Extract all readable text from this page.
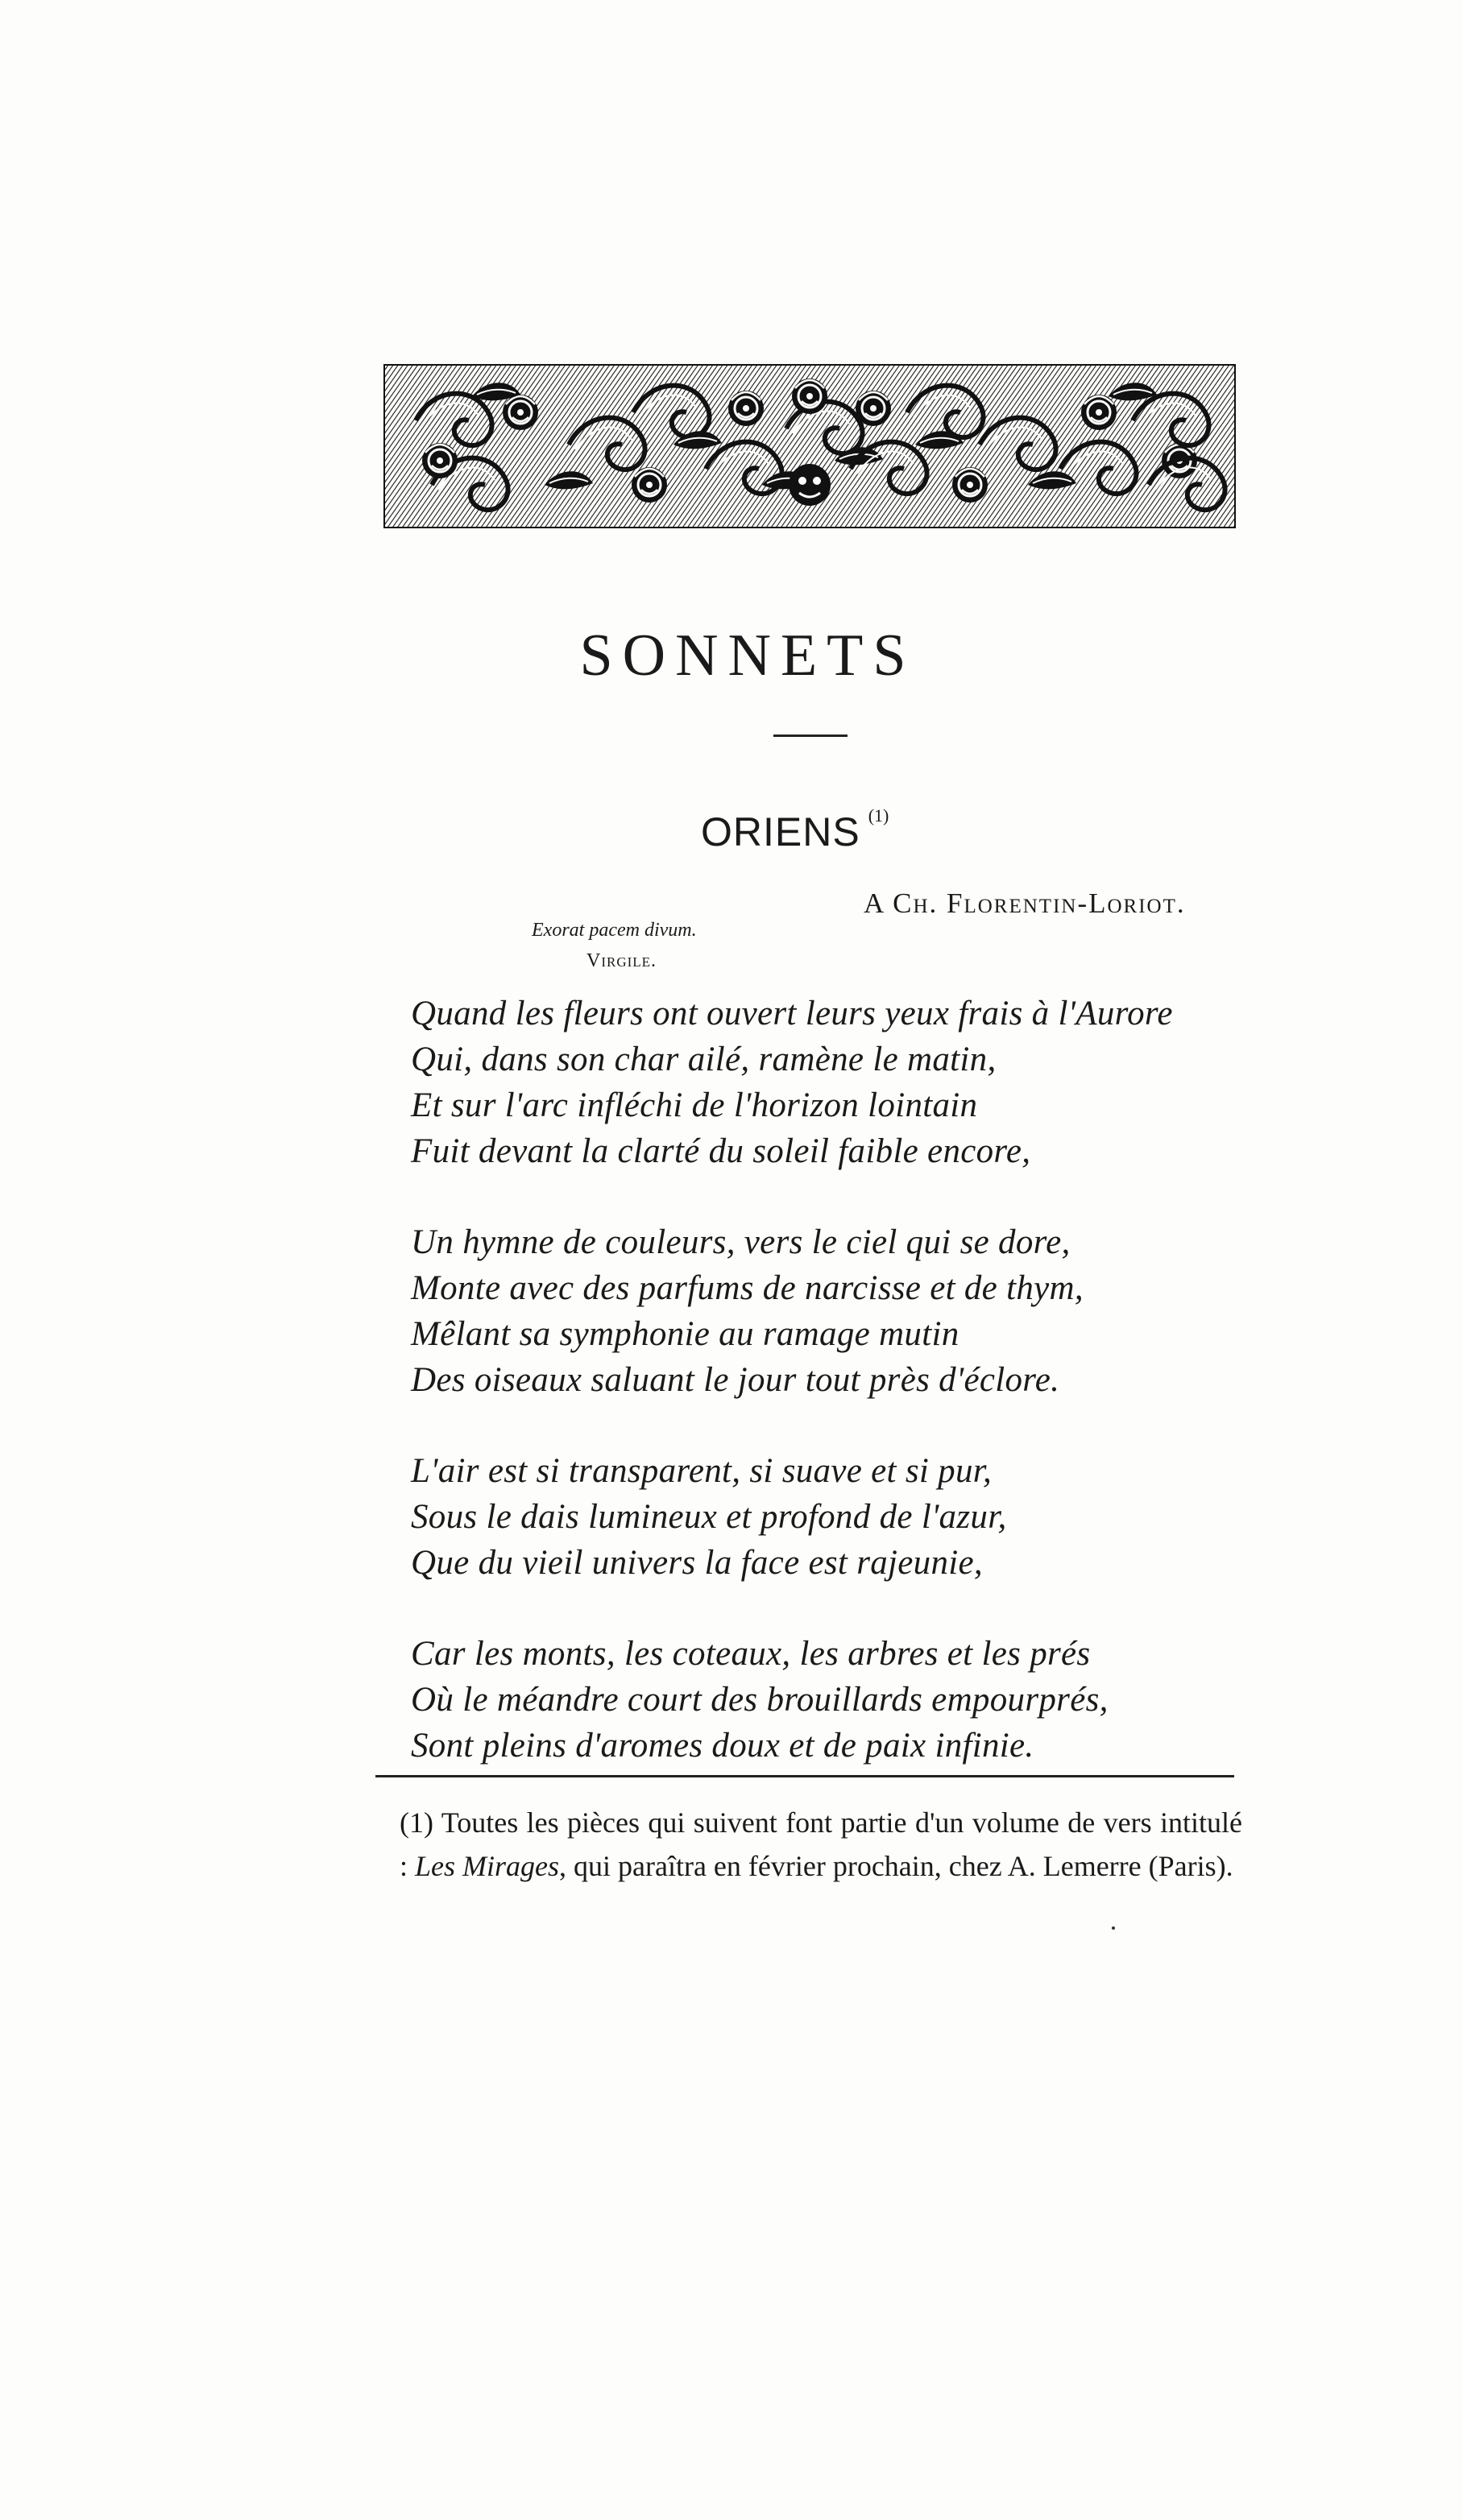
SONNETS
ORIENS $^{(1)}$
A Ch. Florentin-Loriot.
Exorat pacem divum.
Virgile.
Quand les fleurs ont ouvert leurs yeux frais à l'Aurore
Qui, dans son char ailé, ramène le matin,
Et sur l'arc infléchi de l'horizon lointain
Fuit devant la clarté du soleil faible encore,
Un hymne de couleurs, vers le ciel qui se dore,
Monte avec des parfums de narcisse et de thym,
Mêlant sa symphonie au ramage mutin
Des oiseaux saluant le jour tout près d'éclore.
L'air est si transparent, si suave et si pur,
Sous le dais lumineux et profond de l'azur,
Que du vieil univers la face est rajeunie,
Car les monts, les coteaux, les arbres et les prés
Où le méandre court des brouillards empourprés,
Sont pleins d'aromes doux et de paix infinie.

(1) Toutes les pièces qui suivent font partie d'un volume de vers intitulé : Les Mirages, qui paraîtra en février prochain, chez A. Lemerre (Paris).
